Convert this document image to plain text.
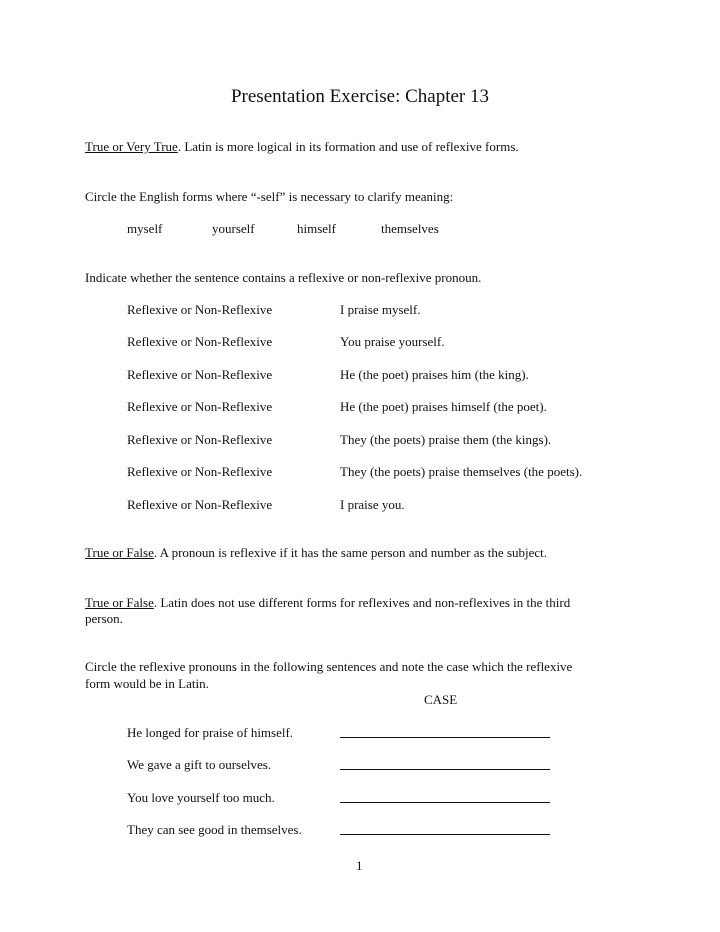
Presentation Exercise: Chapter 13
True or Very True. Latin is more logical in its formation and use of reflexive forms.
Circle the English forms where “-self” is necessary to clarify meaning:
myself	yourself	himself	themselves
Indicate whether the sentence contains a reflexive or non-reflexive pronoun.
Reflexive or Non-Reflexive	I praise myself.
Reflexive or Non-Reflexive	You praise yourself.
Reflexive or Non-Reflexive	He (the poet) praises him (the king).
Reflexive or Non-Reflexive	He (the poet) praises himself (the poet).
Reflexive or Non-Reflexive	They (the poets) praise them (the kings).
Reflexive or Non-Reflexive	They (the poets) praise themselves (the poets).
Reflexive or Non-Reflexive	I praise you.
True or False. A pronoun is reflexive if it has the same person and number as the subject.
True or False. Latin does not use different forms for reflexives and non-reflexives in the third
person.
Circle the reflexive pronouns in the following sentences and note the case which the reflexive
form would be in Latin.
CASE
He longed for praise of himself.
We gave a gift to ourselves.
You love yourself too much.
They can see good in themselves.
1
